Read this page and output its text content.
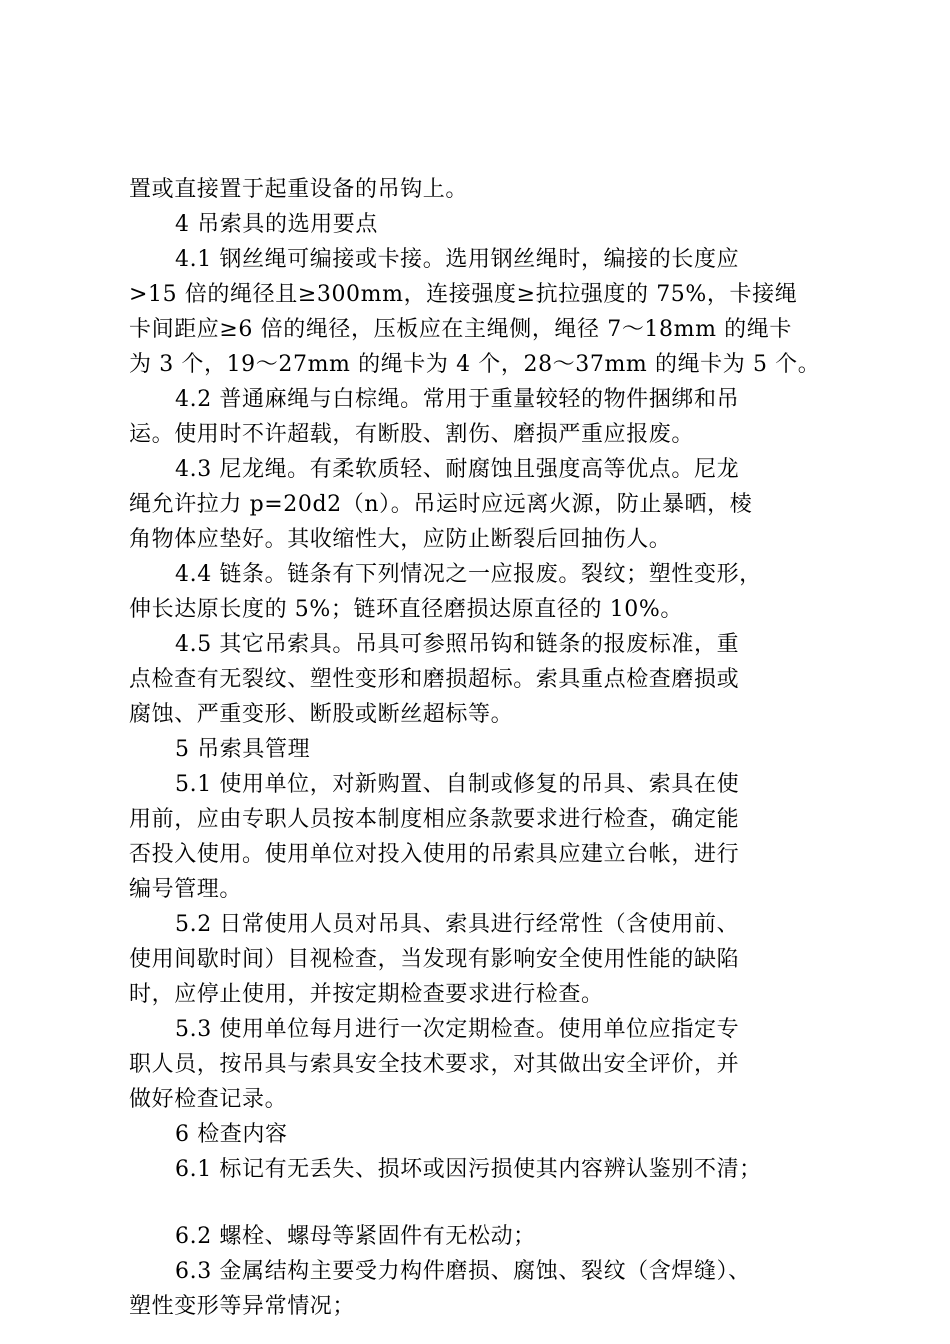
置或直接置于起重设备的吊钩上。
4 吊索具的选用要点
4.1 钢丝绳可编接或卡接。选用钢丝绳时，编接的长度应
>15 倍的绳径且≥300mm，连接强度≥抗拉强度的 75%，卡接绳
卡间距应≥6 倍的绳径，压板应在主绳侧，绳径 7～18mm 的绳卡
为 3 个，19～27mm 的绳卡为 4 个，28～37mm 的绳卡为 5 个。
4.2 普通麻绳与白棕绳。常用于重量较轻的物件捆绑和吊
运。使用时不许超载，有断股、割伤、磨损严重应报废。
4.3 尼龙绳。有柔软质轻、耐腐蚀且强度高等优点。尼龙
绳允许拉力 p=20d2（n）。吊运时应远离火源，防止暴晒，棱
角物体应垫好。其收缩性大，应防止断裂后回抽伤人。
4.4 链条。链条有下列情况之一应报废。裂纹；塑性变形，
伸长达原长度的 5%；链环直径磨损达原直径的 10%。
4.5 其它吊索具。吊具可参照吊钩和链条的报废标准，重
点检查有无裂纹、塑性变形和磨损超标。索具重点检查磨损或
腐蚀、严重变形、断股或断丝超标等。
5 吊索具管理
5.1 使用单位，对新购置、自制或修复的吊具、索具在使
用前，应由专职人员按本制度相应条款要求进行检查，确定能
否投入使用。使用单位对投入使用的吊索具应建立台帐，进行
编号管理。
5.2 日常使用人员对吊具、索具进行经常性（含使用前、
使用间歇时间）目视检查，当发现有影响安全使用性能的缺陷
时，应停止使用，并按定期检查要求进行检查。
5.3 使用单位每月进行一次定期检查。使用单位应指定专
职人员，按吊具与索具安全技术要求，对其做出安全评价，并
做好检查记录。
6 检查内容
6.1 标记有无丢失、损坏或因污损使其内容辨认鉴别不清；
6.2 螺栓、螺母等紧固件有无松动；
6.3 金属结构主要受力构件磨损、腐蚀、裂纹（含焊缝）、
塑性变形等异常情况；
